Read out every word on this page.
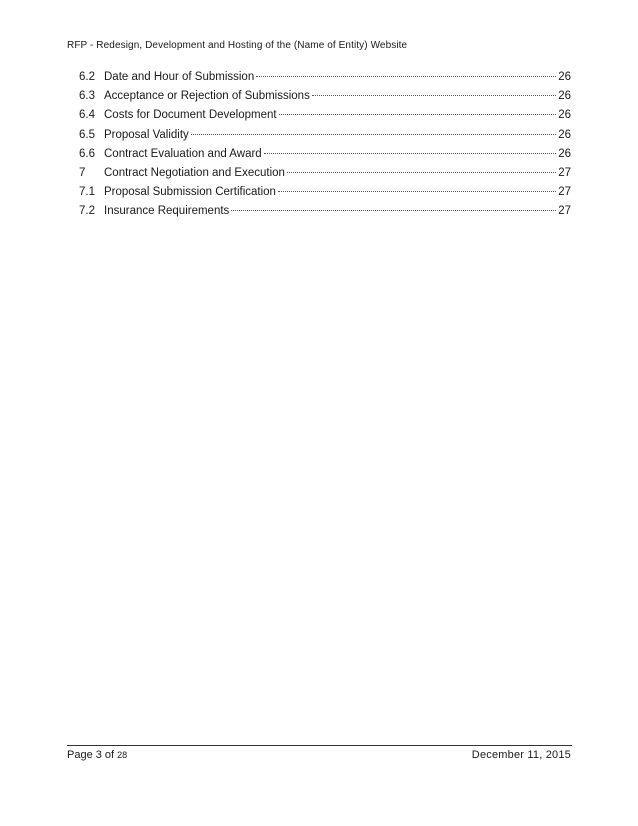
RFP - Redesign, Development and Hosting of the (Name of Entity) Website
6.2 Date and Hour of Submission	26
6.3 Acceptance or Rejection of Submissions	26
6.4 Costs for Document Development	26
6.5 Proposal Validity	26
6.6 Contract Evaluation and Award	26
7	Contract Negotiation and Execution	27
7.1 Proposal Submission Certification	27
7.2 Insurance Requirements	27
Page 3 of 28	December 11, 2015
